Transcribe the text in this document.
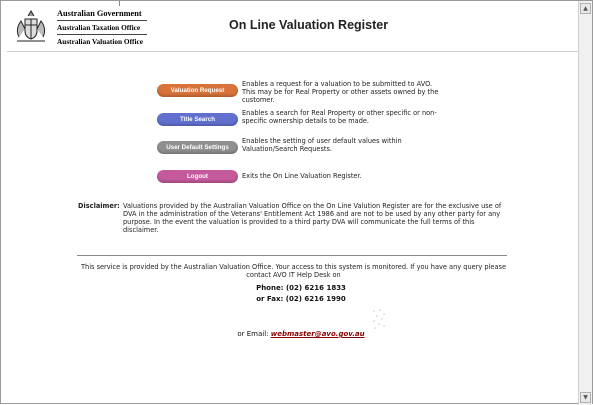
Australian Government
Australian Taxation Office
Australian Valuation Office
On Line Valuation Register
Valuation Request
Enables a request for a valuation to be submitted to AVO. This may be for Real Property or other assets owned by the customer.
Title Search
Enables a search for Real Property or other specific or non-specific ownership details to be made.
User Default Settings
Enables the setting of user default values within Valuation/Search Requests.
Logout	Exits the On Line Valuation Register.
Disclaimer: Valuations provided by the Australian Valuation Office on the On Line Valution Register are for the exclusive use of DVA in the administration of the Veterans' Entitlement Act 1986 and are not to be used by any other party for any purpose. In the event the valuation is provided to a third party DVA will communicate the full terms of this disclaimer.
This service is provided by the Australian Valuation Office. Your access to this system is monitored. If you have any query please contact AVO IT Help Desk on
Phone: (02) 6216 1833
or Fax: (02) 6216 1990
or Email: webmaster@avo.gov.au
▲
▼
